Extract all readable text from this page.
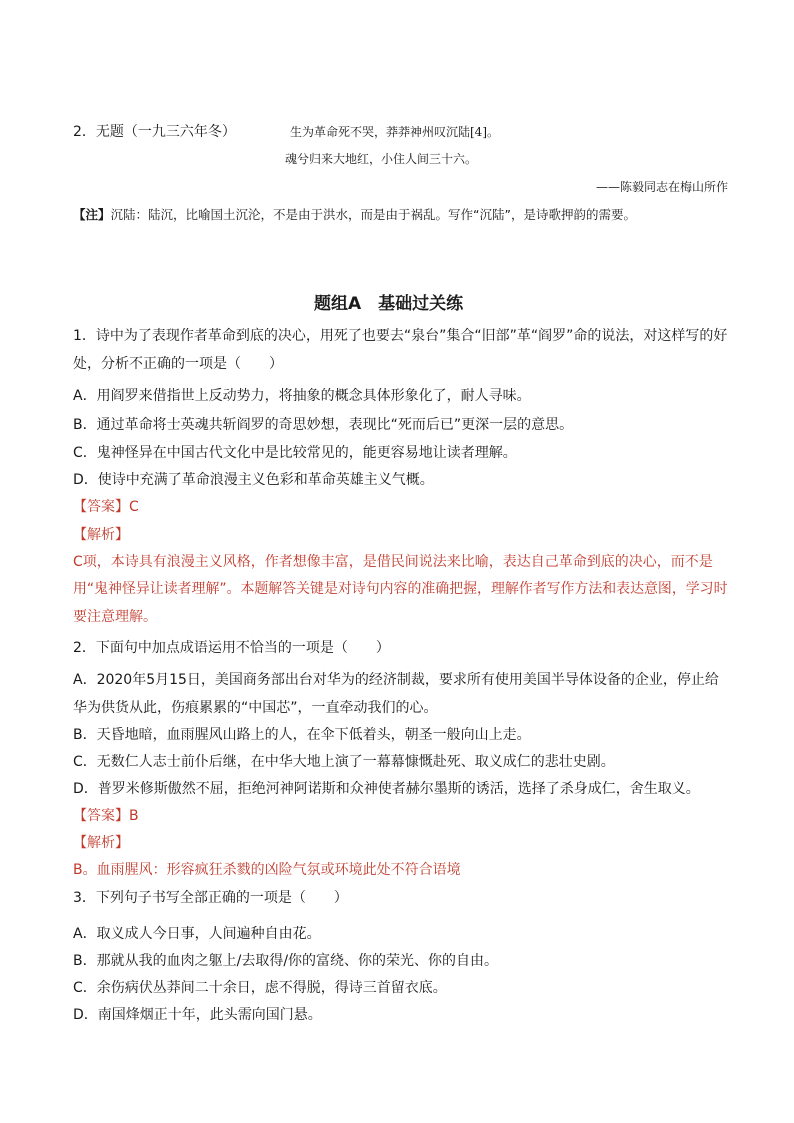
2．无题（一九三六年冬）	生为革命死不哭，莽莽神州叹沉陆[4]。
魂兮归来大地红，小住人间三十六。
——陈毅同志在梅山所作
【注】沉陆：陆沉，比喻国土沉沦，不是由于洪水，而是由于祸乱。写作“沉陆”，是诗歌押韵的需要。
题组A　基础过关练
1．诗中为了表现作者革命到底的决心，用死了也要去“泉台”集合“旧部”革“阎罗”命的说法，对这样写的好
处，分析不正确的一项是（　　）
A．用阎罗来借指世上反动势力，将抽象的概念具体形象化了，耐人寻味。
B．通过革命将士英魂共斩阎罗的奇思妙想，表现比“死而后已”更深一层的意思。
C．鬼神怪异在中国古代文化中是比较常见的，能更容易地让读者理解。
D．使诗中充满了革命浪漫主义色彩和革命英雄主义气概。
【答案】C
【解析】
C项，本诗具有浪漫主义风格，作者想像丰富，是借民间说法来比喻，表达自己革命到底的决心，而不是
用“鬼神怪异让读者理解”。本题解答关键是对诗句内容的准确把握，理解作者写作方法和表达意图，学习时
要注意理解。
2．下面句中加点成语运用不恰当的一项是（　　）
A．2020年5月15日，美国商务部出台对华为的经济制裁，要求所有使用美国半导体设备的企业，停止给
华为供货从此，伤痕累累的“中国芯”，一直牵动我们的心。
B．天昏地暗，血雨腥风山路上的人，在伞下低着头，朝圣一般向山上走。
C．无数仁人志士前仆后继，在中华大地上演了一幕幕慷慨赴死、取义成仁的悲壮史剧。
D．普罗米修斯傲然不屈，拒绝河神阿诺斯和众神使者赫尔墨斯的诱活，选择了杀身成仁，舍生取义。
【答案】B
【解析】
B。血雨腥风：形容疯狂杀戮的凶险气氛或环境此处不符合语境
3．下列句子书写全部正确的一项是（　　）
A．取义成人今日事，人间遍种自由花。
B．那就从我的血肉之躯上/去取得/你的富绕、你的荣光、你的自由。
C．余伤病伏丛莽间二十余日，虑不得脱，得诗三首留衣底。
D．南国烽烟正十年，此头需向国门悬。
